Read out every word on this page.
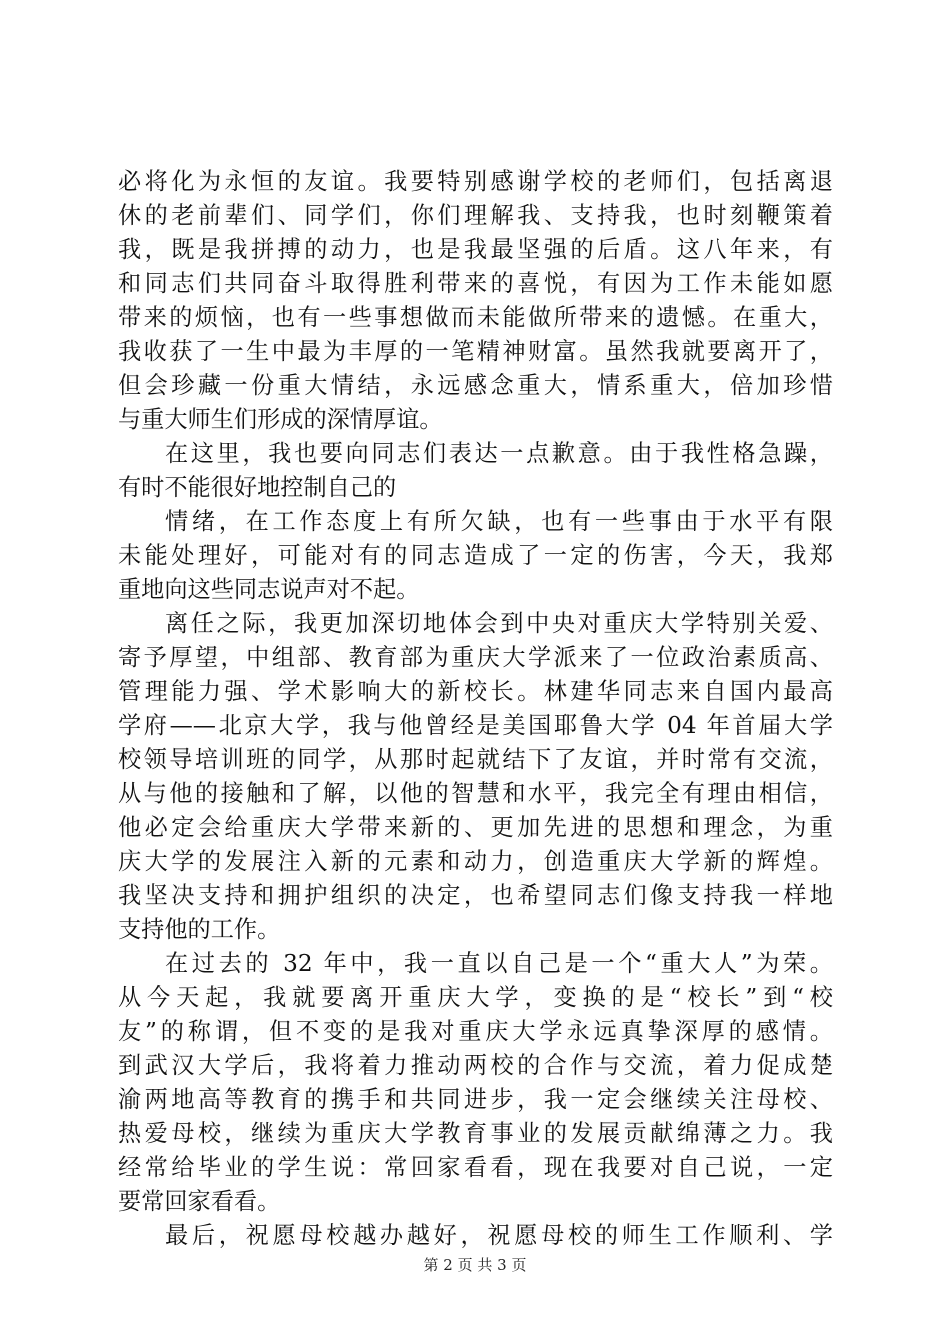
必将化为永恒的友谊。我要特别感谢学校的老师们，包括离退
休的老前辈们、同学们，你们理解我、支持我，也时刻鞭策着
我，既是我拼搏的动力，也是我最坚强的后盾。这八年来，有
和同志们共同奋斗取得胜利带来的喜悦，有因为工作未能如愿
带来的烦恼，也有一些事想做而未能做所带来的遗憾。在重大，
我收获了一生中最为丰厚的一笔精神财富。虽然我就要离开了，
但会珍藏一份重大情结，永远感念重大，情系重大，倍加珍惜
与重大师生们形成的深情厚谊。
在这里，我也要向同志们表达一点歉意。由于我性格急躁，
有时不能很好地控制自己的
情绪，在工作态度上有所欠缺，也有一些事由于水平有限
未能处理好，可能对有的同志造成了一定的伤害，今天，我郑
重地向这些同志说声对不起。
离任之际，我更加深切地体会到中央对重庆大学特别关爱、
寄予厚望，中组部、教育部为重庆大学派来了一位政治素质高、
管理能力强、学术影响大的新校长。林建华同志来自国内最高
学府——北京大学，我与他曾经是美国耶鲁大学 04 年首届大学
校领导培训班的同学，从那时起就结下了友谊，并时常有交流，
从与他的接触和了解，以他的智慧和水平，我完全有理由相信，
他必定会给重庆大学带来新的、更加先进的思想和理念，为重
庆大学的发展注入新的元素和动力，创造重庆大学新的辉煌。
我坚决支持和拥护组织的决定，也希望同志们像支持我一样地
支持他的工作。
在过去的 32 年中，我一直以自己是一个“重大人”为荣。
从今天起，我就要离开重庆大学，变换的是“校长”到“校
友”的称谓，但不变的是我对重庆大学永远真挚深厚的感情。
到武汉大学后，我将着力推动两校的合作与交流，着力促成楚
渝两地高等教育的携手和共同进步，我一定会继续关注母校、
热爱母校，继续为重庆大学教育事业的发展贡献绵薄之力。我
经常给毕业的学生说：常回家看看，现在我要对自己说，一定
要常回家看看。
最后，祝愿母校越办越好，祝愿母校的师生工作顺利、学
第 2 页 共 3 页
